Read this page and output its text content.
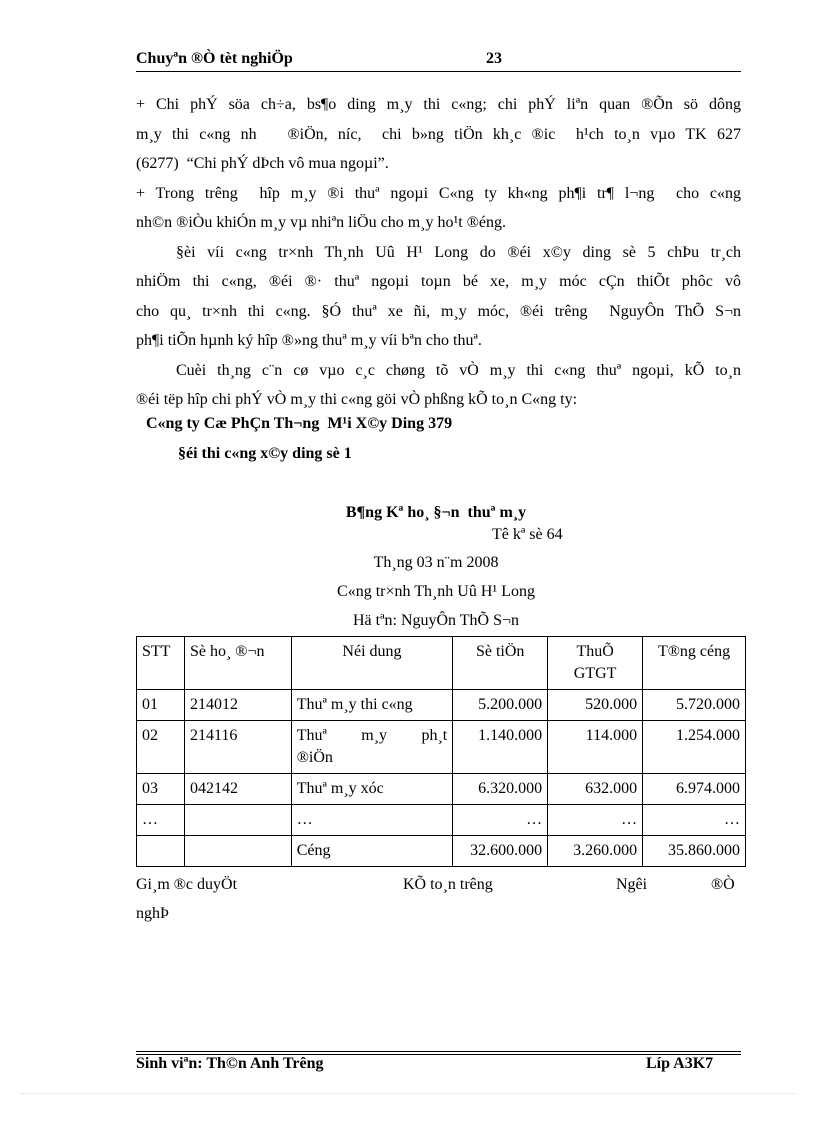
Chuyªn ®Ò tèt nghiÖp	23
+ Chi phÝ söa ch÷a, bs¶o ding m¸y thi c«ng; chi phÝ liªn quan ®Õn sö dông
m¸y thi c«ng nh   ®iÖn, níc,  chi b»ng tiÖn kh¸c ®ic  h¹ch to¸n vµo TK 627
(6277)  “Chi phÝ dÞch vô mua ngoµi”.
+ Trong trêng  hîp m¸y ®i thuª ngoµi C«ng ty kh«ng ph¶i tr¶ l¬ng  cho c«ng
nh©n ®iÒu khiÓn m¸y vµ nhiªn liÖu cho m¸y ho¹t ®éng.
§èi víi c«ng tr×nh Th¸nh Uû H¹ Long do ®éi x©y ding sè 5 chÞu tr¸ch
nhiÖm thi c«ng, ®éi ®· thuª ngoµi toµn bé xe, m¸y móc cÇn thiÕt phôc vô
cho qu¸ tr×nh thi c«ng. §Ó thuª xe ñi, m¸y móc, ®éi trêng  NguyÔn ThÕ S¬n
ph¶i tiÕn hµnh ký hîp ®»ng thuª m¸y víi bªn cho thuª.
Cuèi th¸ng c¨n cø vµo c¸c chøng tõ vÒ m¸y thi c«ng thuª ngoµi, kÕ to¸n
®éi tëp hîp chi phÝ vÒ m¸y thi c«ng göi vÒ phßng kÕ to¸n C«ng ty:
C«ng ty Cæ PhÇn Th¬ng  M¹i X©y Ding 379
§éi thi c«ng x©y ding sè 1
B¶ng Kª ho¸ §¬n  thuª m¸y
Tê kª sè 64
Th¸ng 03 n¨m 2008
C«ng tr×nh Th¸nh Uû H¹ Long
Hä tªn: NguyÔn ThÕ S¬n
STT	Sè ho¸ ®¬n	Néi dung	Sè tiÖn	ThuÕ GTGT	T®ng céng
01	214012	Thuª m¸y thi c«ng	5.200.000	520.000	5.720.000
02	214116	Thuª     m¸y     ph¸t ®iÖn	1.140.000	114.000	1.254.000
03	042142	Thuª m¸y xóc	6.320.000	632.000	6.974.000
…		…	…	…	…
		Céng	32.600.000	3.260.000	35.860.000
Gi¸m ®c duyÖt	KÕ to¸n trêng	Ngêi	®Ò
nghÞ
Sinh viªn: Th©n Anh Trêng	Líp A3K7
